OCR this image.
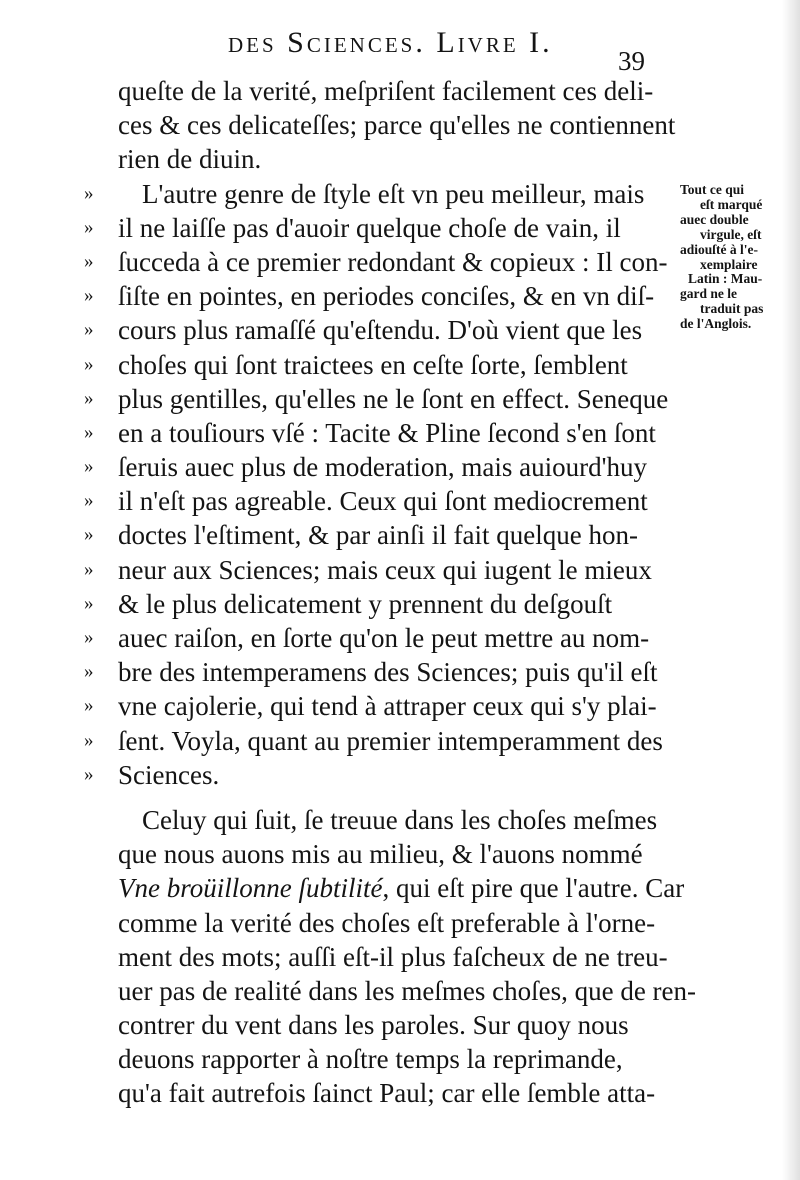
des Sciences. Livre I.
39
queſte de la verité, meſpriſent facilement ces deli-
ces & ces delicateſſes; parce qu'elles ne contiennent
rien de diuin.
»	L'autre genre de ſtyle eſt vn peu meilleur, mais
» il ne laiſſe pas d'auoir quelque choſe de vain, il
» ſucceda à ce premier redondant & copieux : Il con-
» ſiſte en pointes, en periodes conciſes, & en vn diſ-
» cours plus ramaſſé qu'eſtendu. D'où vient que les
» choſes qui ſont traictees en ceſte ſorte, ſemblent
» plus gentilles, qu'elles ne le ſont en effect. Seneque
» en a touſiours vſé : Tacite & Pline ſecond s'en ſont
» ſeruis auec plus de moderation, mais auiourd'huy
» il n'eſt pas agreable. Ceux qui ſont mediocrement
» doctes l'eſtiment, & par ainſi il fait quelque hon-
» neur aux Sciences; mais ceux qui iugent le mieux
» & le plus delicatement y prennent du deſgouſt
» auec raiſon, en ſorte qu'on le peut mettre au nom-
» bre des intemperamens des Sciences; puis qu'il eſt
» vne cajolerie, qui tend à attraper ceux qui s'y plai-
» ſent. Voyla, quant au premier intemperamment des
» Sciences.
Celuy qui ſuit, ſe treuue dans les choſes meſmes
que nous auons mis au milieu, & l'auons nommé
Vne broüillonne ſubtilité, qui eſt pire que l'autre. Car
comme la verité des choſes eſt preferable à l'orne-
ment des mots; auſſi eſt-il plus faſcheux de ne treu-
uer pas de realité dans les meſmes choſes, que de ren-
contrer du vent dans les paroles. Sur quoy nous
deuons rapporter à noſtre temps la reprimande,
qu'a fait autrefois ſainct Paul; car elle ſemble atta-
Tout ce qui
eſt marqué
auec double
virgule, eſt
adiouſté à l'e-
xemplaire
Latin : Mau-
gard ne le
traduit pas
de l'Anglois.
